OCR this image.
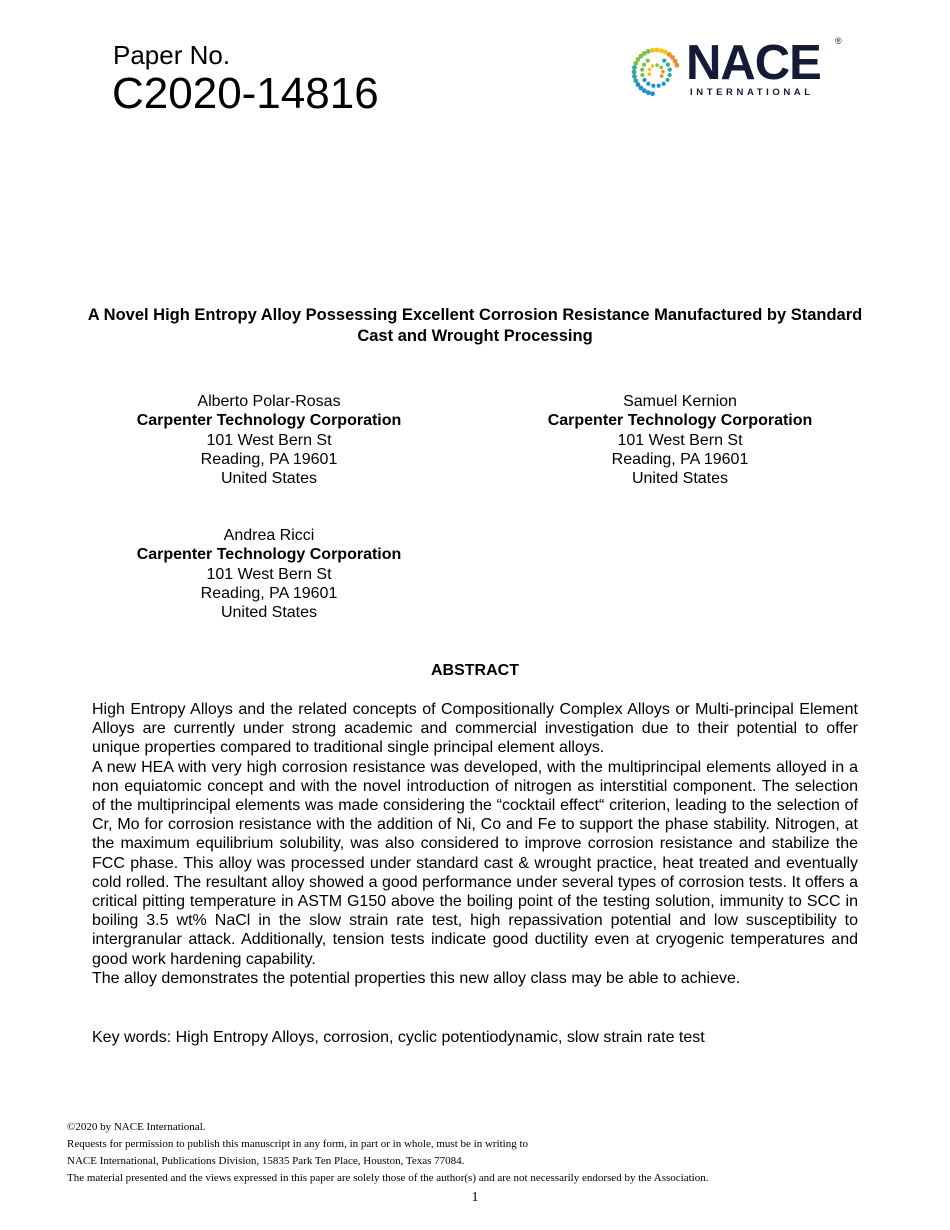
Paper No.
C2020-14816
NACE ®
INTERNATIONAL
A Novel High Entropy Alloy Possessing Excellent Corrosion Resistance Manufactured by Standard Cast and Wrought Processing
Alberto Polar-Rosas
Carpenter Technology Corporation
101 West Bern St
Reading, PA 19601
United States
Samuel Kernion
Carpenter Technology Corporation
101 West Bern St
Reading, PA 19601
United States
Andrea Ricci
Carpenter Technology Corporation
101 West Bern St
Reading, PA 19601
United States
ABSTRACT

High Entropy Alloys and the related concepts of Compositionally Complex Alloys or Multi-principal Element Alloys are currently under strong academic and commercial investigation due to their potential to offer unique properties compared to traditional single principal element alloys.

A new HEA with very high corrosion resistance was developed, with the multiprincipal elements alloyed in a non equiatomic concept and with the novel introduction of nitrogen as interstitial component. The selection of the multiprincipal elements was made considering the “cocktail effect“ criterion, leading to the selection of Cr, Mo for corrosion resistance with the addition of Ni, Co and Fe to support the phase stability. Nitrogen, at the maximum equilibrium solubility, was also considered to improve corrosion resistance and stabilize the FCC phase. This alloy was processed under standard cast & wrought practice, heat treated and eventually cold rolled. The resultant alloy showed a good performance under several types of corrosion tests. It offers a critical pitting temperature in ASTM G150 above the boiling point of the testing solution, immunity to SCC in boiling 3.5 wt% NaCl in the slow strain rate test, high repassivation potential and low susceptibility to intergranular attack. Additionally, tension tests indicate good ductility even at cryogenic temperatures and good work hardening capability.

The alloy demonstrates the potential properties this new alloy class may be able to achieve.

Key words: High Entropy Alloys, corrosion, cyclic potentiodynamic, slow strain rate test
©2020 by NACE International.
Requests for permission to publish this manuscript in any form, in part or in whole, must be in writing to
NACE International, Publications Division, 15835 Park Ten Place, Houston, Texas 77084.
The material presented and the views expressed in this paper are solely those of the author(s) and are not necessarily endorsed by the Association.
1
